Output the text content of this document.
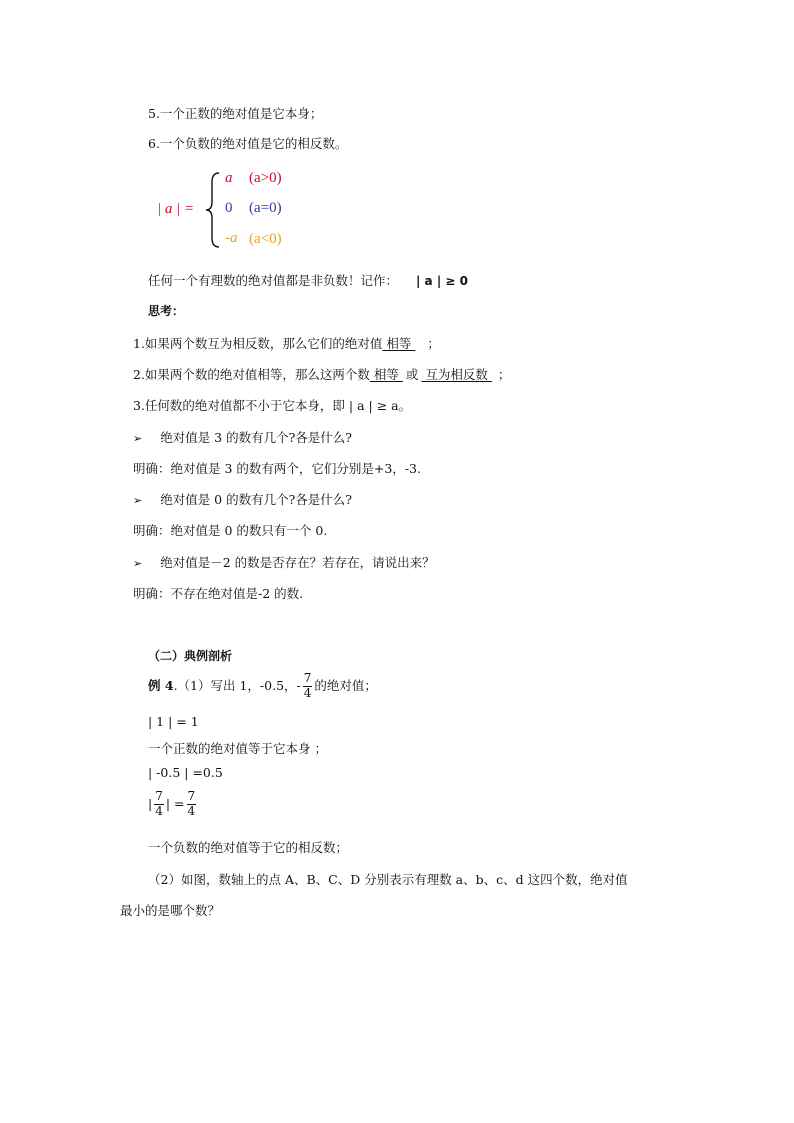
5.一个正数的绝对值是它本身；
6.一个负数的绝对值是它的相反数。
| a | =
a (a>0)
0 (a=0)
-a (a<0)
任何一个有理数的绝对值都是非负数！记作： | a | ≥ 0
思考：
1.如果两个数互为相反数，那么它们的绝对值 相等 ；
2.如果两个数的绝对值相等，那么这两个数 相等 或 互为相反数 ；
3.任何数的绝对值都不小于它本身，即 | a | ≥ a。
➢ 绝对值是 3 的数有几个?各是什么?
明确：绝对值是 3 的数有两个，它们分别是+3，-3.
➢ 绝对值是 0 的数有几个?各是什么?
明确：绝对值是 0 的数只有一个 0.
➢ 绝对值是－2 的数是否存在？若存在，请说出来？
明确：不存在绝对值是-2 的数.
（二）典例剖析
例 4.（1）写出 1，-0.5，- $\frac{7}{4}$ 的绝对值；
| 1 | = 1
一个正数的绝对值等于它本身 ；
| -0.5 | =0.5
| $\frac{7}{4}$ | = $\frac{7}{4}$
一个负数的绝对值等于它的相反数；
（2）如图，数轴上的点 A、B、C、D 分别表示有理数 a、b、c、d 这四个数，绝对值
最小的是哪个数？
